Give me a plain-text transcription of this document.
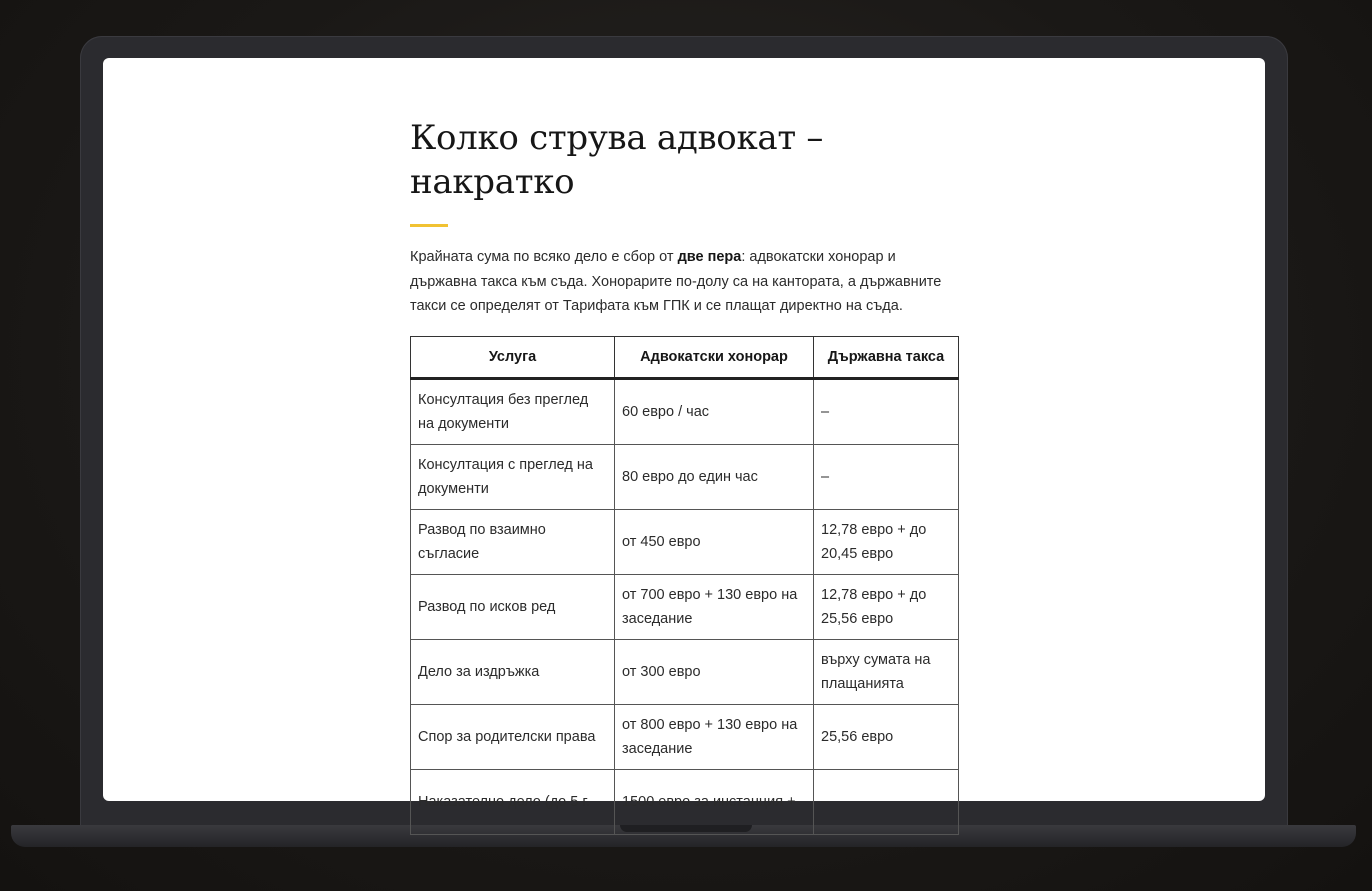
Колко струва адвокат – накратко

Крайната сума по всяко дело е сбор от две пера: адвокатски хонорар и държавна такса към съда. Хонорарите по-долу са на кантората, а държавните такси се определят от Тарифата към ГПК и се плащат директно на съда.

Услуга	Адвокатски хонорар	Държавна такса
Консултация без преглед на документи	60 евро / час	–
Консултация с преглед на документи	80 евро до един час	–
Развод по взаимно съгласие	от 450 евро	12,78 евро + до 20,45 евро
Развод по исков ред	от 700 евро + 130 евро на заседание	12,78 евро + до 25,56 евро
Дело за издръжка	от 300 евро	върху сумата на плащанията
Спор за родителски права	от 800 евро + 130 евро на заседание	25,56 евро
Наказателно дело (до 5 г.	1500 евро за инстанция +	–
